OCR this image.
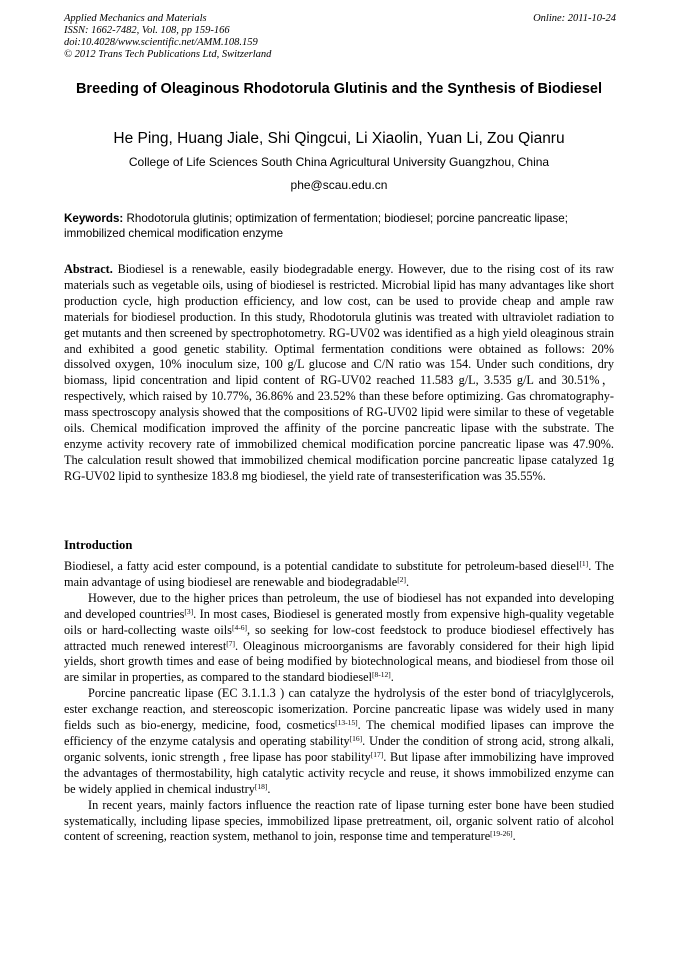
Applied Mechanics and Materials
ISSN: 1662-7482, Vol. 108, pp 159-166
doi:10.4028/www.scientific.net/AMM.108.159
© 2012 Trans Tech Publications Ltd, Switzerland
Online: 2011-10-24
Breeding of Oleaginous Rhodotorula Glutinis and the Synthesis of Biodiesel
He Ping, Huang Jiale, Shi Qingcui, Li Xiaolin, Yuan Li, Zou Qianru
College of Life Sciences South China Agricultural University Guangzhou, China
phe@scau.edu.cn
Keywords: Rhodotorula glutinis; optimization of fermentation; biodiesel; porcine pancreatic lipase; immobilized chemical modification enzyme
Abstract. Biodiesel is a renewable, easily biodegradable energy. However, due to the rising cost of its raw materials such as vegetable oils, using of biodiesel is restricted. Microbial lipid has many advantages like short production cycle, high production efficiency, and low cost, can be used to provide cheap and ample raw materials for biodiesel production. In this study, Rhodotorula glutinis was treated with ultraviolet radiation to get mutants and then screened by spectrophotometry. RG-UV02 was identified as a high yield oleaginous strain and exhibited a good genetic stability. Optimal fermentation conditions were obtained as follows: 20% dissolved oxygen, 10% inoculum size, 100 g/L glucose and C/N ratio was 154. Under such conditions, dry biomass, lipid concentration and lipid content of RG-UV02 reached 11.583 g/L, 3.535 g/L and 30.51%， respectively, which raised by 10.77%, 36.86% and 23.52% than these before optimizing. Gas chromatography-mass spectroscopy analysis showed that the compositions of RG-UV02 lipid were similar to these of vegetable oils. Chemical modification improved the affinity of the porcine pancreatic lipase with the substrate. The enzyme activity recovery rate of immobilized chemical modification porcine pancreatic lipase was 47.90%. The calculation result showed that immobilized chemical modification porcine pancreatic lipase catalyzed 1g RG-UV02 lipid to synthesize 183.8 mg biodiesel, the yield rate of transesterification was 35.55%.
Introduction

Biodiesel, a fatty acid ester compound, is a potential candidate to substitute for petroleum-based diesel[1]. The main advantage of using biodiesel are renewable and biodegradable[2].

However, due to the higher prices than petroleum, the use of biodiesel has not expanded into developing and developed countries[3]. In most cases, Biodiesel is generated mostly from expensive high-quality vegetable oils or hard-collecting waste oils[4-6], so seeking for low-cost feedstock to produce biodiesel effectively has attracted much renewed interest[7]. Oleaginous microorganisms are favorably considered for their high lipid yields, short growth times and ease of being modified by biotechnological means, and biodiesel from those oil are similar in properties, as compared to the standard biodiesel[8-12].

Porcine pancreatic lipase (EC 3.1.1.3 ) can catalyze the hydrolysis of the ester bond of triacylglycerols, ester exchange reaction, and stereoscopic isomerization. Porcine pancreatic lipase was widely used in many fields such as bio-energy, medicine, food, cosmetics[13-15]. The chemical modified lipases can improve the efficiency of the enzyme catalysis and operating stability[16]. Under the condition of strong acid, strong alkali, organic solvents, ionic strength , free lipase has poor stability[17]. But lipase after immobilizing have improved the advantages of thermostability, high catalytic activity recycle and reuse, it shows immobilized enzyme can be widely applied in chemical industry[18].

In recent years, mainly factors influence the reaction rate of lipase turning ester bone have been studied systematically, including lipase species, immobilized lipase pretreatment, oil, organic solvent ratio of alcohol content of screening, reaction system, methanol to join, response time and temperature[19-26].
